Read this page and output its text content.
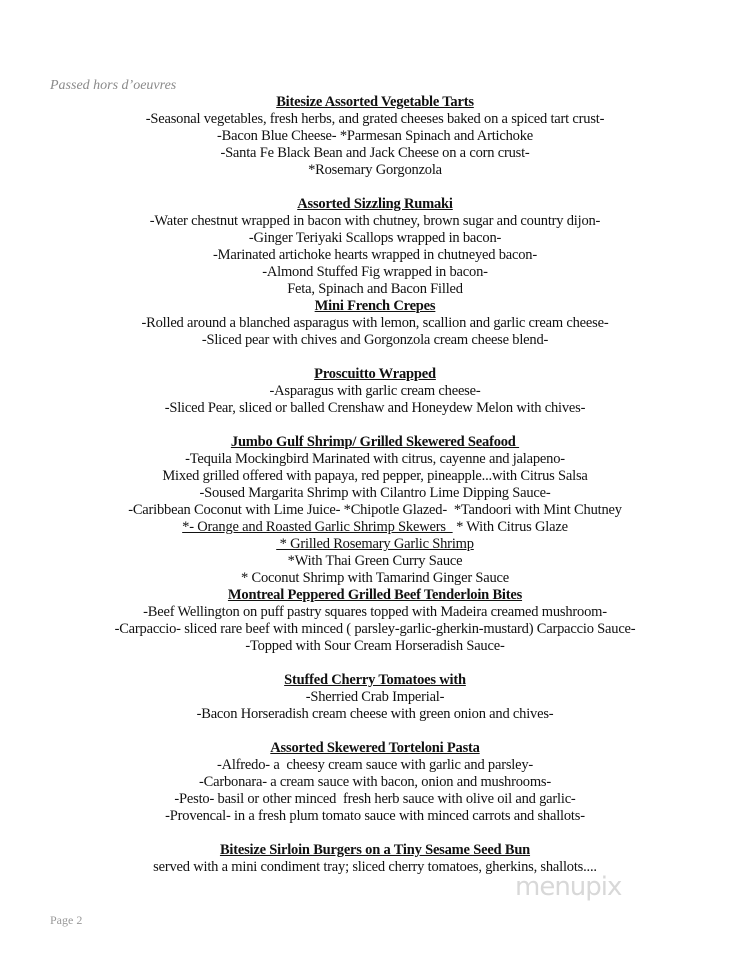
Passed hors d’oeuvres
Bitesize Assorted Vegetable Tarts
-Seasonal vegetables, fresh herbs, and grated cheeses baked on a spiced tart crust-
-Bacon Blue Cheese- *Parmesan Spinach and Artichoke
-Santa Fe Black Bean and Jack Cheese on a corn crust-
*Rosemary Gorgonzola
Assorted Sizzling Rumaki
-Water chestnut wrapped in bacon with chutney, brown sugar and country dijon-
-Ginger Teriyaki Scallops wrapped in bacon-
-Marinated artichoke hearts wrapped in chutneyed bacon-
-Almond Stuffed Fig wrapped in bacon-
Feta, Spinach and Bacon Filled
Mini French Crepes
-Rolled around a blanched asparagus with lemon, scallion and garlic cream cheese-
-Sliced pear with chives and Gorgonzola cream cheese blend-
Proscuitto Wrapped
-Asparagus with garlic cream cheese-
-Sliced Pear, sliced or balled Crenshaw and Honeydew Melon with chives-
Jumbo Gulf Shrimp/ Grilled Skewered Seafood
-Tequila Mockingbird Marinated with citrus, cayenne and jalapeno-
Mixed grilled offered with papaya, red pepper, pineapple...with Citrus Salsa
-Soused Margarita Shrimp with Cilantro Lime Dipping Sauce-
-Caribbean Coconut with Lime Juice- *Chipotle Glazed-  *Tandoori with Mint Chutney
*- Orange and Roasted Garlic Shrimp Skewers   * With Citrus Glaze
* Grilled Rosemary Garlic Shrimp
*With Thai Green Curry Sauce
* Coconut Shrimp with Tamarind Ginger Sauce
Montreal Peppered Grilled Beef Tenderloin Bites
-Beef Wellington on puff pastry squares topped with Madeira creamed mushroom-
-Carpaccio- sliced rare beef with minced ( parsley-garlic-gherkin-mustard) Carpaccio Sauce-
-Topped with Sour Cream Horseradish Sauce-
Stuffed Cherry Tomatoes with
-Sherried Crab Imperial-
-Bacon Horseradish cream cheese with green onion and chives-
Assorted Skewered Torteloni Pasta
-Alfredo- a  cheesy cream sauce with garlic and parsley-
-Carbonara- a cream sauce with bacon, onion and mushrooms-
-Pesto- basil or other minced  fresh herb sauce with olive oil and garlic-
-Provencal- in a fresh plum tomato sauce with minced carrots and shallots-
Bitesize Sirloin Burgers on a Tiny Sesame Seed Bun
served with a mini condiment tray; sliced cherry tomatoes, gherkins, shallots....
Page 2
menupix
